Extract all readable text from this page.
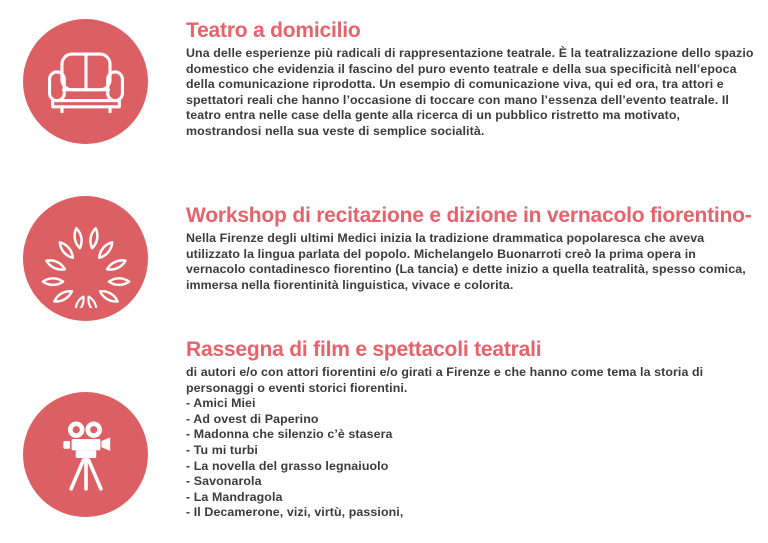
Teatro a domicilio

Una delle esperienze più radicali di rappresentazione teatrale. È la teatralizzazione dello spazio domestico che evidenzia il fascino del puro evento teatrale e della sua specificità nell’epoca della comunicazione riprodotta. Un esempio di comunicazione viva, qui ed ora, tra attori e spettatori reali che hanno l’occasione di toccare con mano l’essenza dell’evento teatrale. Il teatro entra nelle case della gente alla ricerca di un pubblico ristretto ma motivato, mostrandosi nella sua veste di semplice socialità.

Workshop di recitazione e dizione in vernacolo fiorentino-

Nella Firenze degli ultimi Medici inizia la tradizione drammatica popolaresca che aveva utilizzato la lingua parlata del popolo. Michelangelo Buonarroti creò la prima opera in vernacolo contadinesco fiorentino (La tancia) e dette inizio a quella teatralità, spesso comica, immersa nella fiorentinità linguistica, vivace e colorita.

Rassegna di film e spettacoli teatrali

di autori e/o con attori fiorentini e/o girati a Firenze e che hanno come tema la storia di personaggi o eventi storici fiorentini.

- Amici Miei
- Ad ovest di Paperino
- Madonna che silenzio c’è stasera
- Tu mi turbi
- La novella del grasso legnaiuolo
- Savonarola
- La Mandragola
- Il Decamerone, vizi, virtù, passioni,
